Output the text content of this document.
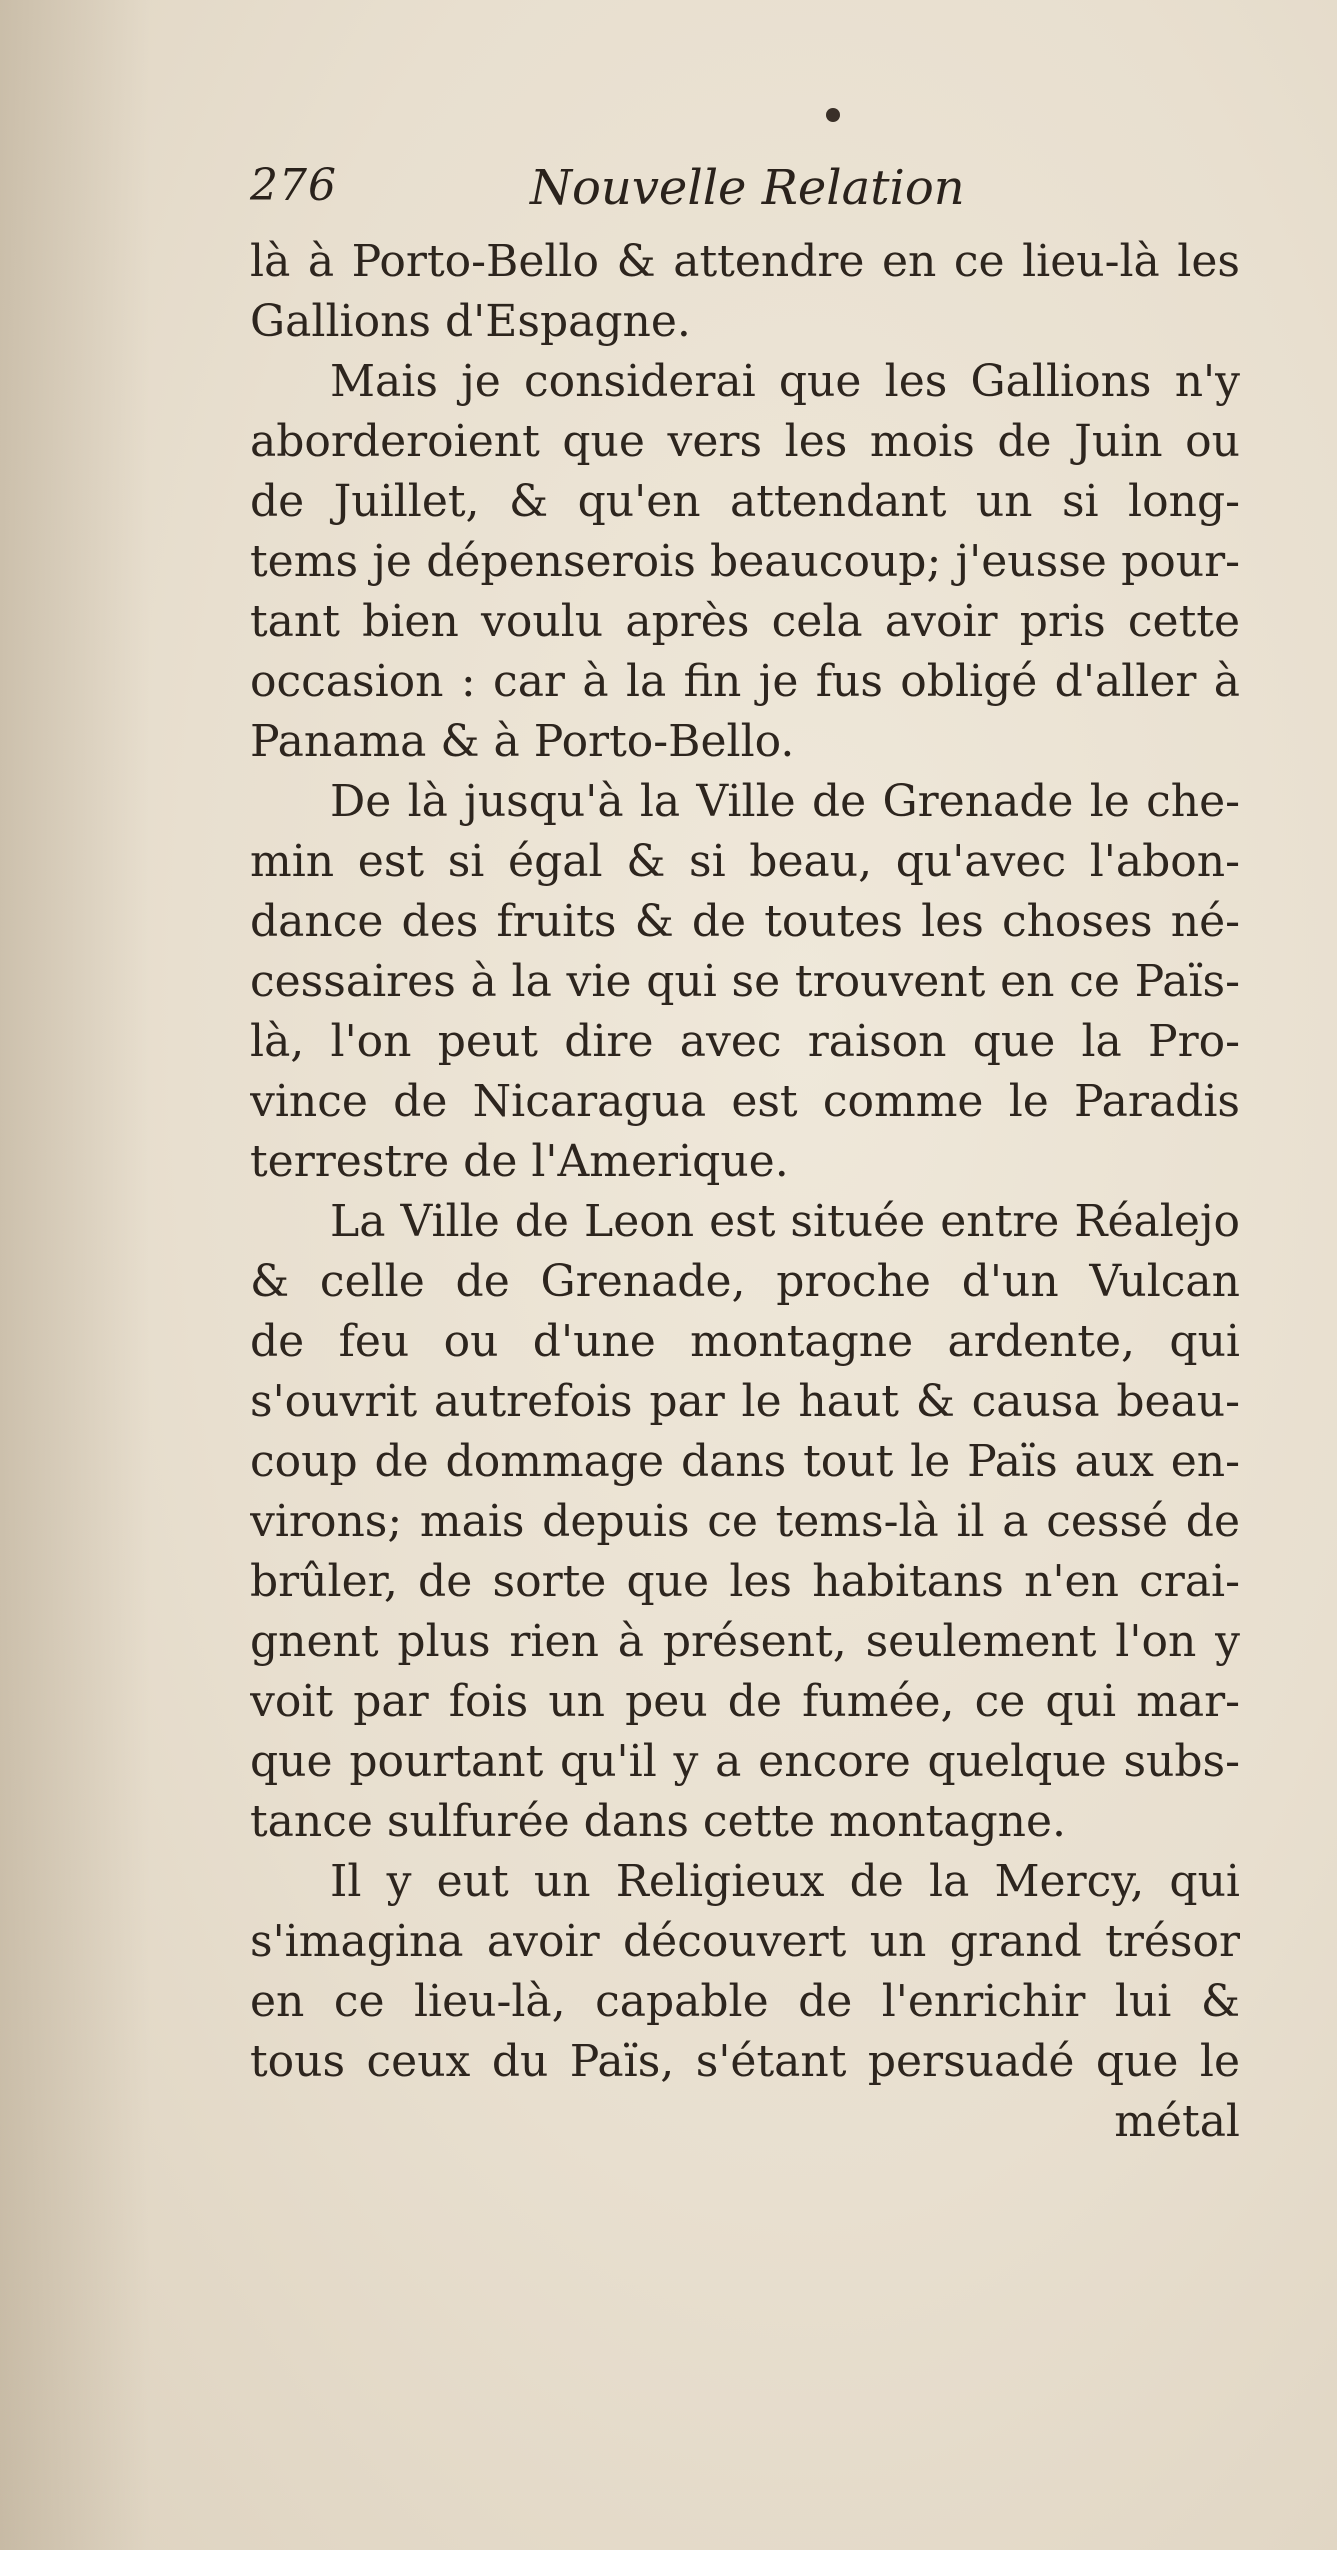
276	Nouvelle Relation
là à Porto-Bello & attendre en ce lieu-là les
Gallions d'Espagne.
Mais je considerai que les Gallions n'y
aborderoient que vers les mois de Juin ou
de Juillet, & qu'en attendant un si long-
tems je dépenserois beaucoup; j'eusse pour-
tant bien voulu après cela avoir pris cette
occasion : car à la fin je fus obligé d'aller à
Panama & à Porto-Bello.
De là jusqu'à la Ville de Grenade le che-
min est si égal & si beau, qu'avec l'abon-
dance des fruits & de toutes les choses né-
cessaires à la vie qui se trouvent en ce Païs-
là, l'on peut dire avec raison que la Pro-
vince de Nicaragua est comme le Paradis
terrestre de l'Amerique.
La Ville de Leon est située entre Réalejo
& celle de Grenade, proche d'un Vulcan
de feu ou d'une montagne ardente, qui
s'ouvrit autrefois par le haut & causa beau-
coup de dommage dans tout le Païs aux en-
virons; mais depuis ce tems-là il a cessé de
brûler, de sorte que les habitans n'en crai-
gnent plus rien à présent, seulement l'on y
voit par fois un peu de fumée, ce qui mar-
que pourtant qu'il y a encore quelque subs-
tance sulfurée dans cette montagne.
Il y eut un Religieux de la Mercy, qui
s'imagina avoir découvert un grand trésor
en ce lieu-là, capable de l'enrichir lui &
tous ceux du Païs, s'étant persuadé que le
métal
